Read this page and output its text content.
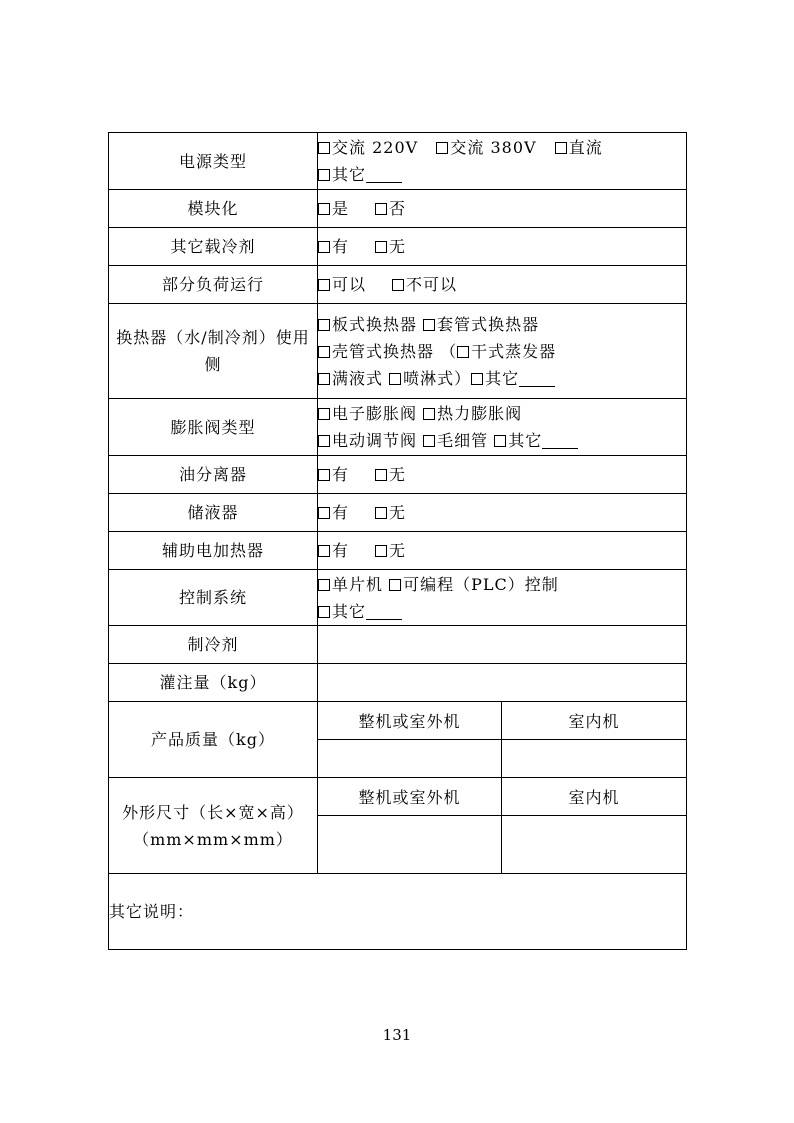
电源类型	交流 220V 交流 380V 直流
其它	

模块化	是 否	
其它载冷剂	有 无	
部分负荷运行	可以 不可以	
换热器（水/制冷剂）使用侧	板式换热器 套管式换热器
壳管式换热器 （ 干式蒸发器
满液式 喷淋式） 其它	

膨胀阀类型	电子膨胀阀 热力膨胀阀
电动调节阀 毛细管 其它	

油分离器	有 无	
储液器	有 无	
辅助电加热器	有 无	
控制系统	单片机 可编程（PLC）控制
其它	

制冷剂		
灌注量（kg）		
产品质量（kg）	整机或室外机	室内机

外形尺寸（长×宽×高）
（mm×mm×mm）	整机或室外机	室内机

其它说明：		
131
